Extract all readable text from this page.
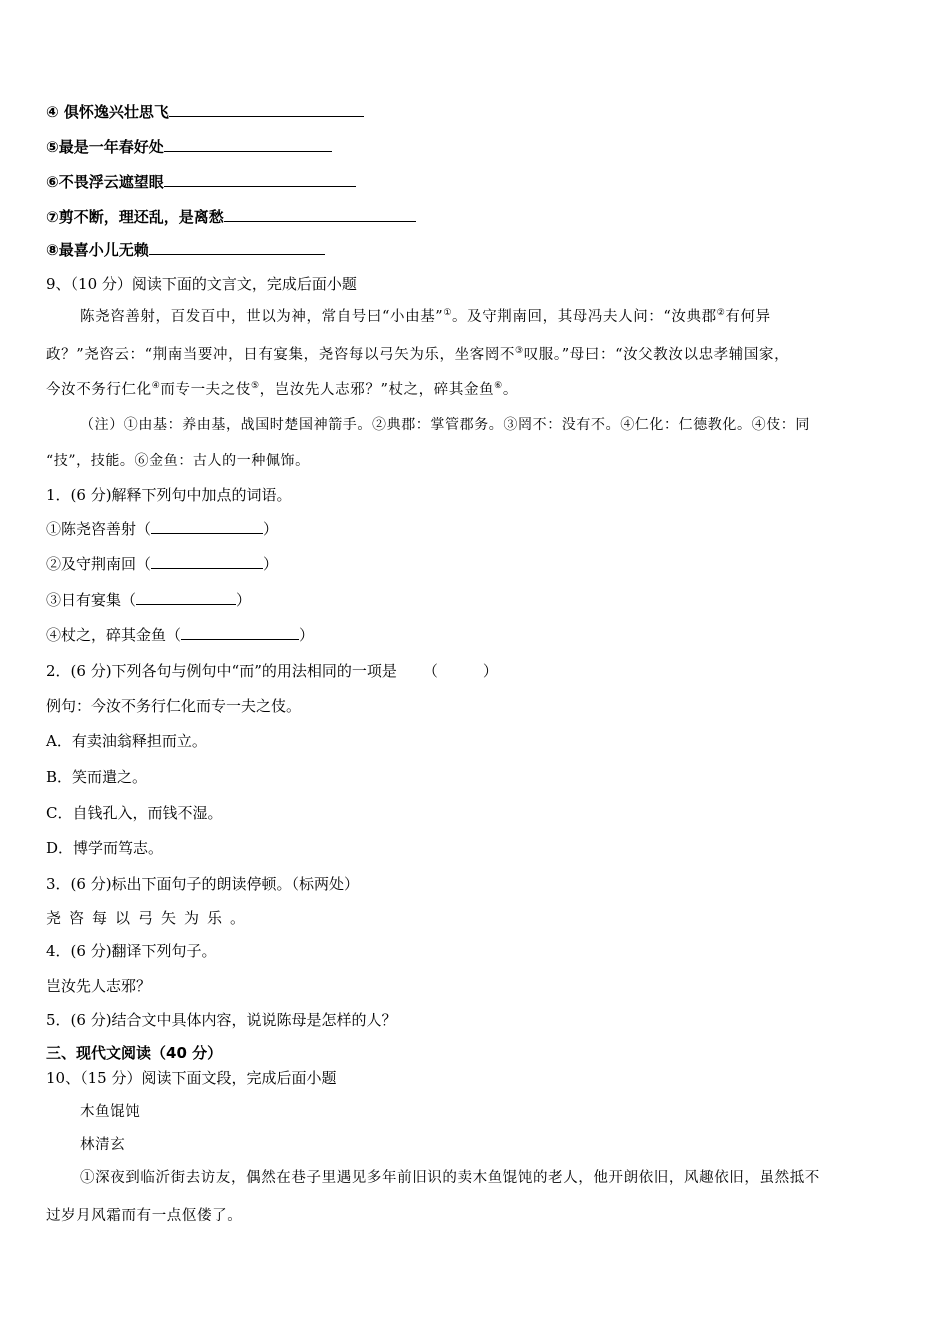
④ 俱怀逸兴壮思飞
⑤最是一年春好处
⑥不畏浮云遮望眼
⑦剪不断，理还乱，是离愁
⑧最喜小儿无赖
9、（10 分）阅读下面的文言文，完成后面小题
陈尧咨善射，百发百中，世以为神，常自号曰“小由基”①。及守荆南回，其母冯夫人问：“汝典郡②有何异
政？”尧咨云：“荆南当要冲，日有宴集，尧咨每以弓矢为乐，坐客罔不③叹服。”母曰：“汝父教汝以忠孝辅国家，
今汝不务行仁化④而专一夫之伎⑤，岂汝先人志邪？”杖之，碎其金鱼⑥。
（注）①由基：养由基，战国时楚国神箭手。②典郡：掌管郡务。③罔不：没有不。④仁化：仁德教化。④伎：同
“技”，技能。⑥金鱼：古人的一种佩饰。
1．(6 分)解释下列句中加点的词语。
①陈尧咨善射（	）
②及守荆南回（	）
③日有宴集（	）
④杖之，碎其金鱼（	）
2．(6 分)下列各句与例句中“而”的用法相同的一项是 （　　　）
例句：今汝不务行仁化而专一夫之伎。
A．有卖油翁释担而立。
B．笑而遣之。
C．自钱孔入，而钱不湿。
D．博学而笃志。
3．(6 分)标出下面句子的朗读停顿。（标两处）
尧咨每以弓矢为乐。
4．(6 分)翻译下列句子。
岂汝先人志邪？
5．(6 分)结合文中具体内容，说说陈母是怎样的人？
三、现代文阅读（40 分）
10、（15 分）阅读下面文段，完成后面小题
木鱼馄饨
林清玄
①深夜到临沂街去访友，偶然在巷子里遇见多年前旧识的卖木鱼馄饨的老人，他开朗依旧，风趣依旧，虽然抵不
过岁月风霜而有一点伛偻了。
